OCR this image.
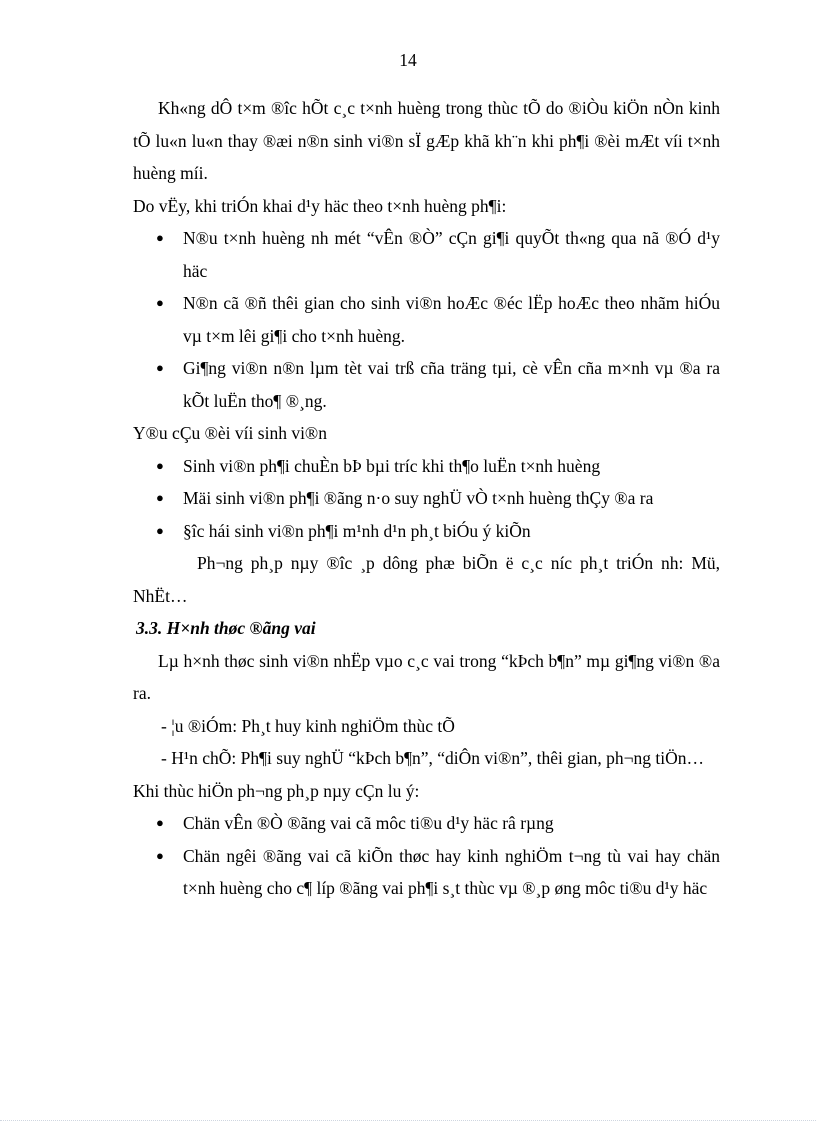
14

Kh«ng dÔ t×m ®îc hÕt c¸c t×nh huèng trong thùc tÕ do ®iÒu kiÖn nÒn kinh tÕ lu«n lu«n thay ®æi n®n sinh vi®n sÏ gÆp khã kh¨n khi ph¶i ®èi mÆt víi t×nh huèng míi.

Do vËy, khi triÓn khai d¹y häc theo t×nh huèng ph¶i:

● N®u t×nh huèng nh mét “vÊn ®Ò” cÇn gi¶i quyÕt th«ng qua nã ®Ó d¹y häc
● N®n cã ®ñ thêi gian cho sinh vi®n hoÆc ®éc lËp hoÆc theo nhãm hiÓu vµ t×m lêi gi¶i cho t×nh huèng.
● Gi¶ng vi®n n®n lµm tèt vai trß cña träng tµi, cè vÊn cña m×nh vµ ®a ra kÕt luËn tho¶ ®¸ng.

Y®u cÇu ®èi víi sinh vi®n

● Sinh vi®n ph¶i chuÈn bÞ bµi tríc khi th¶o luËn t×nh huèng
● Mäi sinh vi®n ph¶i ®ãng n·o suy nghÜ vÒ t×nh huèng thÇy ®a ra
● §îc hái sinh vi®n ph¶i m¹nh d¹n ph¸t biÓu ý kiÕn

Ph¬ng ph¸p nµy ®îc ¸p dông phæ biÕn ë c¸c níc ph¸t triÓn nh: Mü, NhËt…

3.3. H×nh thøc ®ãng vai

Lµ h×nh thøc sinh vi®n nhËp vµo c¸c vai trong “kÞch b¶n” mµ gi¶ng vi®n ®a ra.

- ¦u ®iÓm: Ph¸t huy kinh nghiÖm thùc tÕ

- H¹n chÕ: Ph¶i suy nghÜ “kÞch b¶n”, “diÔn vi®n”, thêi gian, ph¬ng tiÖn…

Khi thùc hiÖn ph¬ng ph¸p nµy cÇn lu ý:

● Chän vÊn ®Ò ®ãng vai cã môc ti®u d¹y häc râ rµng
● Chän ngêi ®ãng vai cã kiÕn thøc hay kinh nghiÖm t¬ng tù vai hay chän t×nh huèng cho c¶ líp ®ãng vai ph¶i s¸t thùc vµ ®¸p øng môc ti®u d¹y häc
